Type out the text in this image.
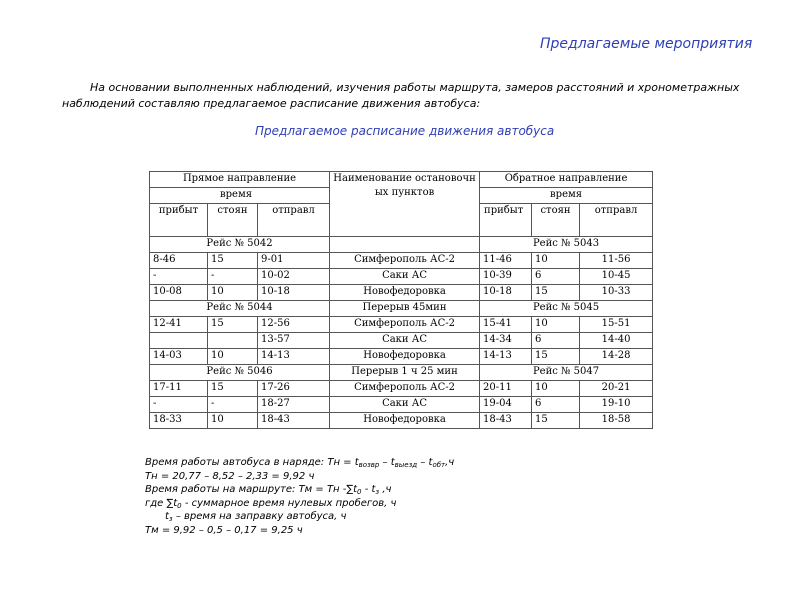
Предлагаемые мероприятия
На основании выполненных наблюдений, изучения работы маршрута, замеров расстояний и хронометражных наблюдений составляю предлагаемое расписание движения автобуса:
Предлагаемое расписание движения автобуса
Прямое направление			Наименование остановочных пунктов	Обратное направление		
время				время		
прибыт	стоян	отправл		прибыт	стоян	отправл
Рейс № 5042				Рейс № 5043		
8-46	15	9-01	Симферополь АС-2	11-46	10	11-56
-	-	10-02	Саки АС	10-39	6	10-45
10-08	10	10-18	Новофедоровка	10-18	15	10-33
Рейс № 5044			Перерыв 45мин	Рейс № 5045		
12-41	15	12-56	Симферополь АС-2	15-41	10	15-51
		13-57	Саки АС	14-34	6	14-40
14-03	10	14-13	Новофедоровка	14-13	15	14-28
Рейс № 5046			Перерыв 1 ч 25 мин	Рейс № 5047		
17-11	15	17-26	Симферополь АС-2	20-11	10	20-21
-	-	18-27	Саки АС	19-04	6	19-10
18-33	10	18-43	Новофедоровка	18-43	15	18-58
Время работы автобуса в наряде: Тн = $t_{возвр} - t_{выезд} - t_{обт},ч$
Тн = 20,77 – 8,52 – 2,33 = 9,92 ч
Время работы на маршруте: Тм = Тн $-\sum t_0 - t_з$ ,ч
где $\sum t_0$ - суммарное время нулевых пробегов, ч
$t_з$ – время на заправку автобуса, ч
Тм = 9,92 – 0,5 – 0,17 = 9,25 ч
